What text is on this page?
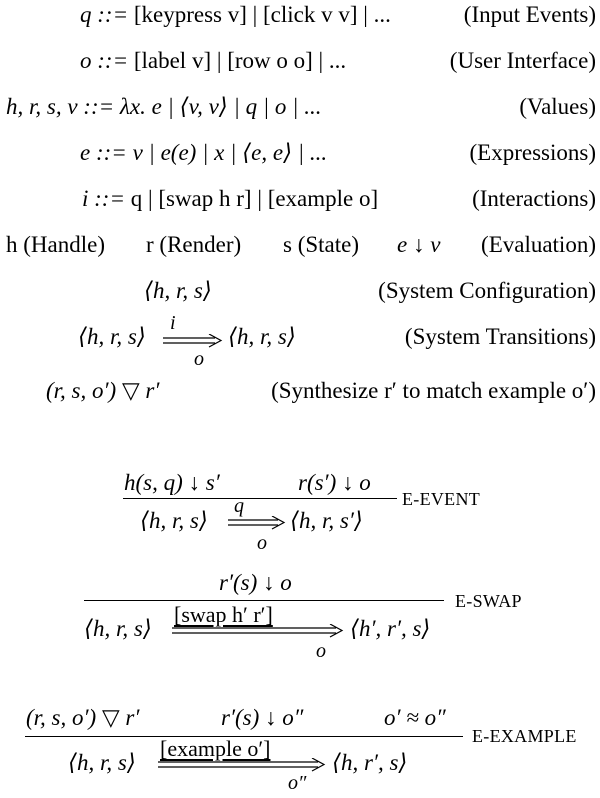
q ::= [keypress v] | [click v v] | ...	(Input Events)
o ::= [label v] | [row o o] | ...	(User Interface)
h, r, s, v ::= λx. e | ⟨v, v⟩ | q | o | ...	(Values)
e ::= v | e(e) | x | ⟨e, e⟩ | ...	(Expressions)
i ::= q | [swap h r] | [example o]	(Interactions)
h (Handle) r (Render) s (State) e ↓ v (Evaluation)
⟨h, r, s⟩	(System Configuration)
⟨h, r, s⟩
i
o
⟨h, r, s⟩	(System Transitions)
(r, s, o′) ▽ r′	(Synthesize r′ to match example o′)
h(s, q) ↓ s′	r(s′) ↓ o
E-EVENT
⟨h, r, s⟩
q
o
⟨h, r, s′⟩
r′(s) ↓ o
E-SWAP
⟨h, r, s⟩
[swap h′ r′]
o
⟨h′, r′, s⟩
(r, s, o′) ▽ r′	r′(s) ↓ o″	o′ ≈ o″
E-EXAMPLE
⟨h, r, s⟩
[example o′]
o″
⟨h, r′, s⟩
